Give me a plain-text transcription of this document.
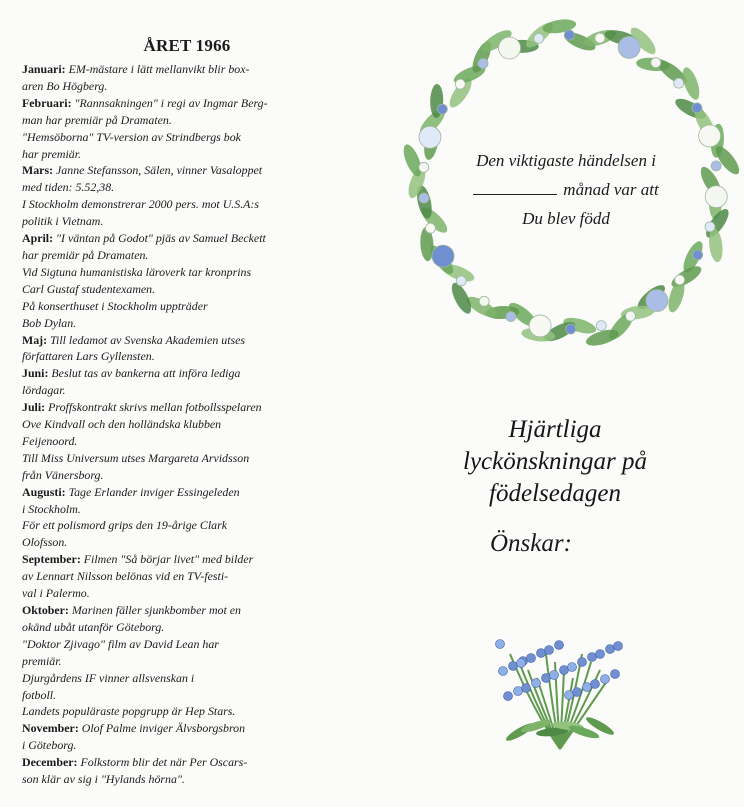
ÅRET 1966
Januari: EM-mästare i lätt mellanvikt blir box-
aren Bo Högberg.
Februari: "Rannsakningen" i regi av Ingmar Berg-
man har premiär på Dramaten.
"Hemsöborna" TV-version av Strindbergs bok
har premiär.
Mars: Janne Stefansson, Sälen, vinner Vasaloppet
med tiden: 5.52,38.
I Stockholm demonstrerar 2000 pers. mot U.S.A:s
politik i Vietnam.
April: "I väntan på Godot" pjäs av Samuel Beckett
har premiär på Dramaten.
Vid Sigtuna humanistiska läroverk tar kronprins
Carl Gustaf studentexamen.
På konserthuset i Stockholm uppträder
Bob Dylan.
Maj: Till ledamot av Svenska Akademien utses
författaren Lars Gyllensten.
Juni: Beslut tas av bankerna att införa lediga
lördagar.
Juli: Proffskontrakt skrivs mellan fotbollsspelaren
Ove Kindvall och den holländska klubben
Feijenoord.
Till Miss Universum utses Margareta Arvidsson
från Vänersborg.
Augusti: Tage Erlander inviger Essingeleden
i Stockholm.
För ett polismord grips den 19-årige Clark
Olofsson.
September: Filmen "Så börjar livet" med bilder
av Lennart Nilsson belönas vid en TV-festi-
val i Palermo.
Oktober: Marinen fäller sjunkbomber mot en
okänd ubåt utanför Göteborg.
"Doktor Zjivago" film av David Lean har
premiär.
Djurgårdens IF vinner allsvenskan i
fotboll.
Landets populäraste popgrupp är Hep Stars.
November: Olof Palme inviger Älvsborgsbron
i Göteborg.
December: Folkstorm blir det när Per Oscars-
son klär av sig i "Hylands hörna".
Den viktigaste händelsen i
månad var att
Du blev född
Hjärtliga
lyckönskningar på
födelsedagen
Önskar:
